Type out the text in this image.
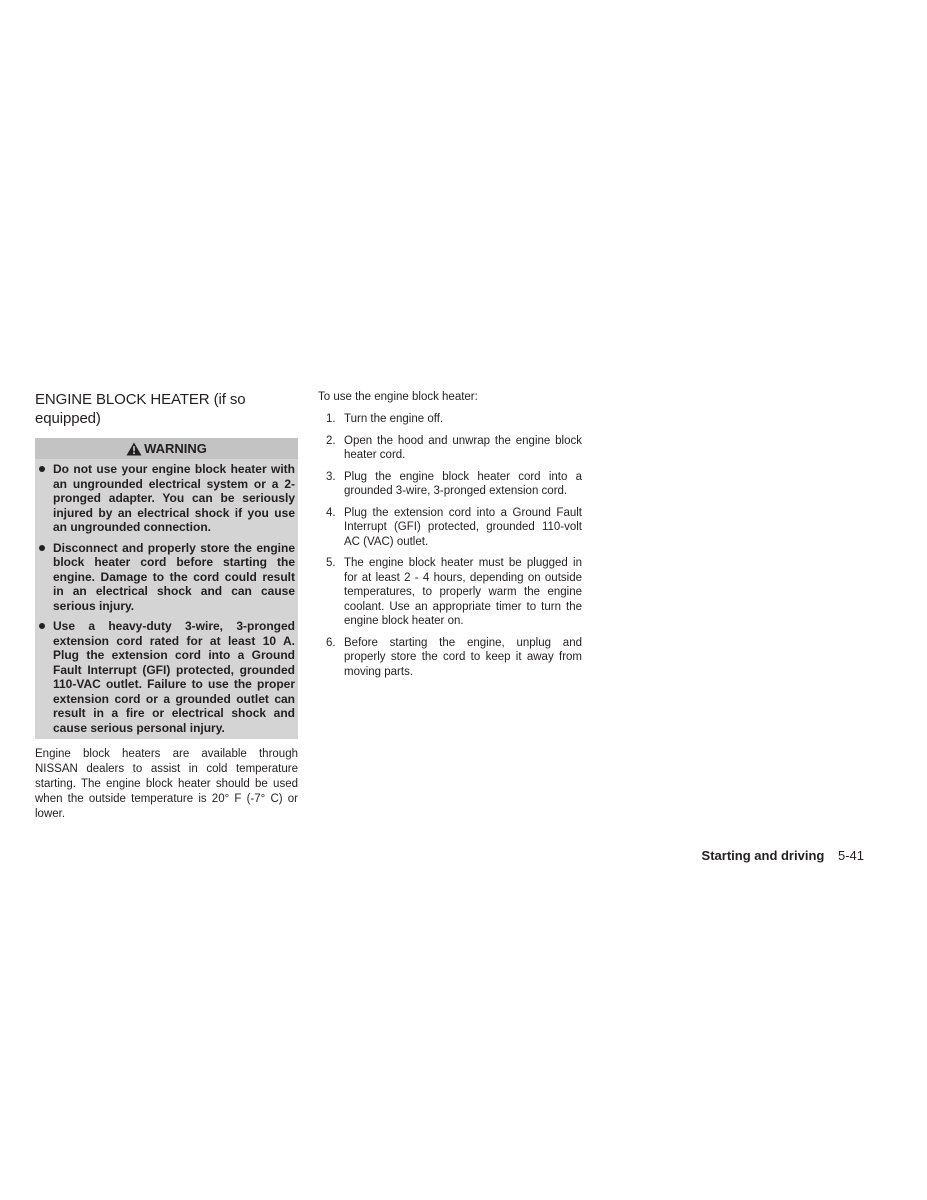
ENGINE BLOCK HEATER (if so equipped)
WARNING
Do not use your engine block heater with an ungrounded electrical system or a 2-pronged adapter. You can be seriously injured by an electrical shock if you use an ungrounded connection.
Disconnect and properly store the engine block heater cord before starting the engine. Damage to the cord could result in an electrical shock and can cause serious injury.
Use a heavy-duty 3-wire, 3-pronged extension cord rated for at least 10 A. Plug the extension cord into a Ground Fault Interrupt (GFI) protected, grounded 110-VAC outlet. Failure to use the proper extension cord or a grounded outlet can result in a fire or electrical shock and cause serious personal injury.

Engine block heaters are available through NISSAN dealers to assist in cold temperature starting. The engine block heater should be used when the outside temperature is 20° F (-7° C) or lower.

To use the engine block heater:

1. Turn the engine off.
2. Open the hood and unwrap the engine block heater cord.
3. Plug the engine block heater cord into a grounded 3-wire, 3-pronged extension cord.
4. Plug the extension cord into a Ground Fault Interrupt (GFI) protected, grounded 110-volt AC (VAC) outlet.
5. The engine block heater must be plugged in for at least 2 - 4 hours, depending on outside temperatures, to properly warm the engine coolant. Use an appropriate timer to turn the engine block heater on.
6. Before starting the engine, unplug and properly store the cord to keep it away from moving parts.
Starting and driving 5-41
